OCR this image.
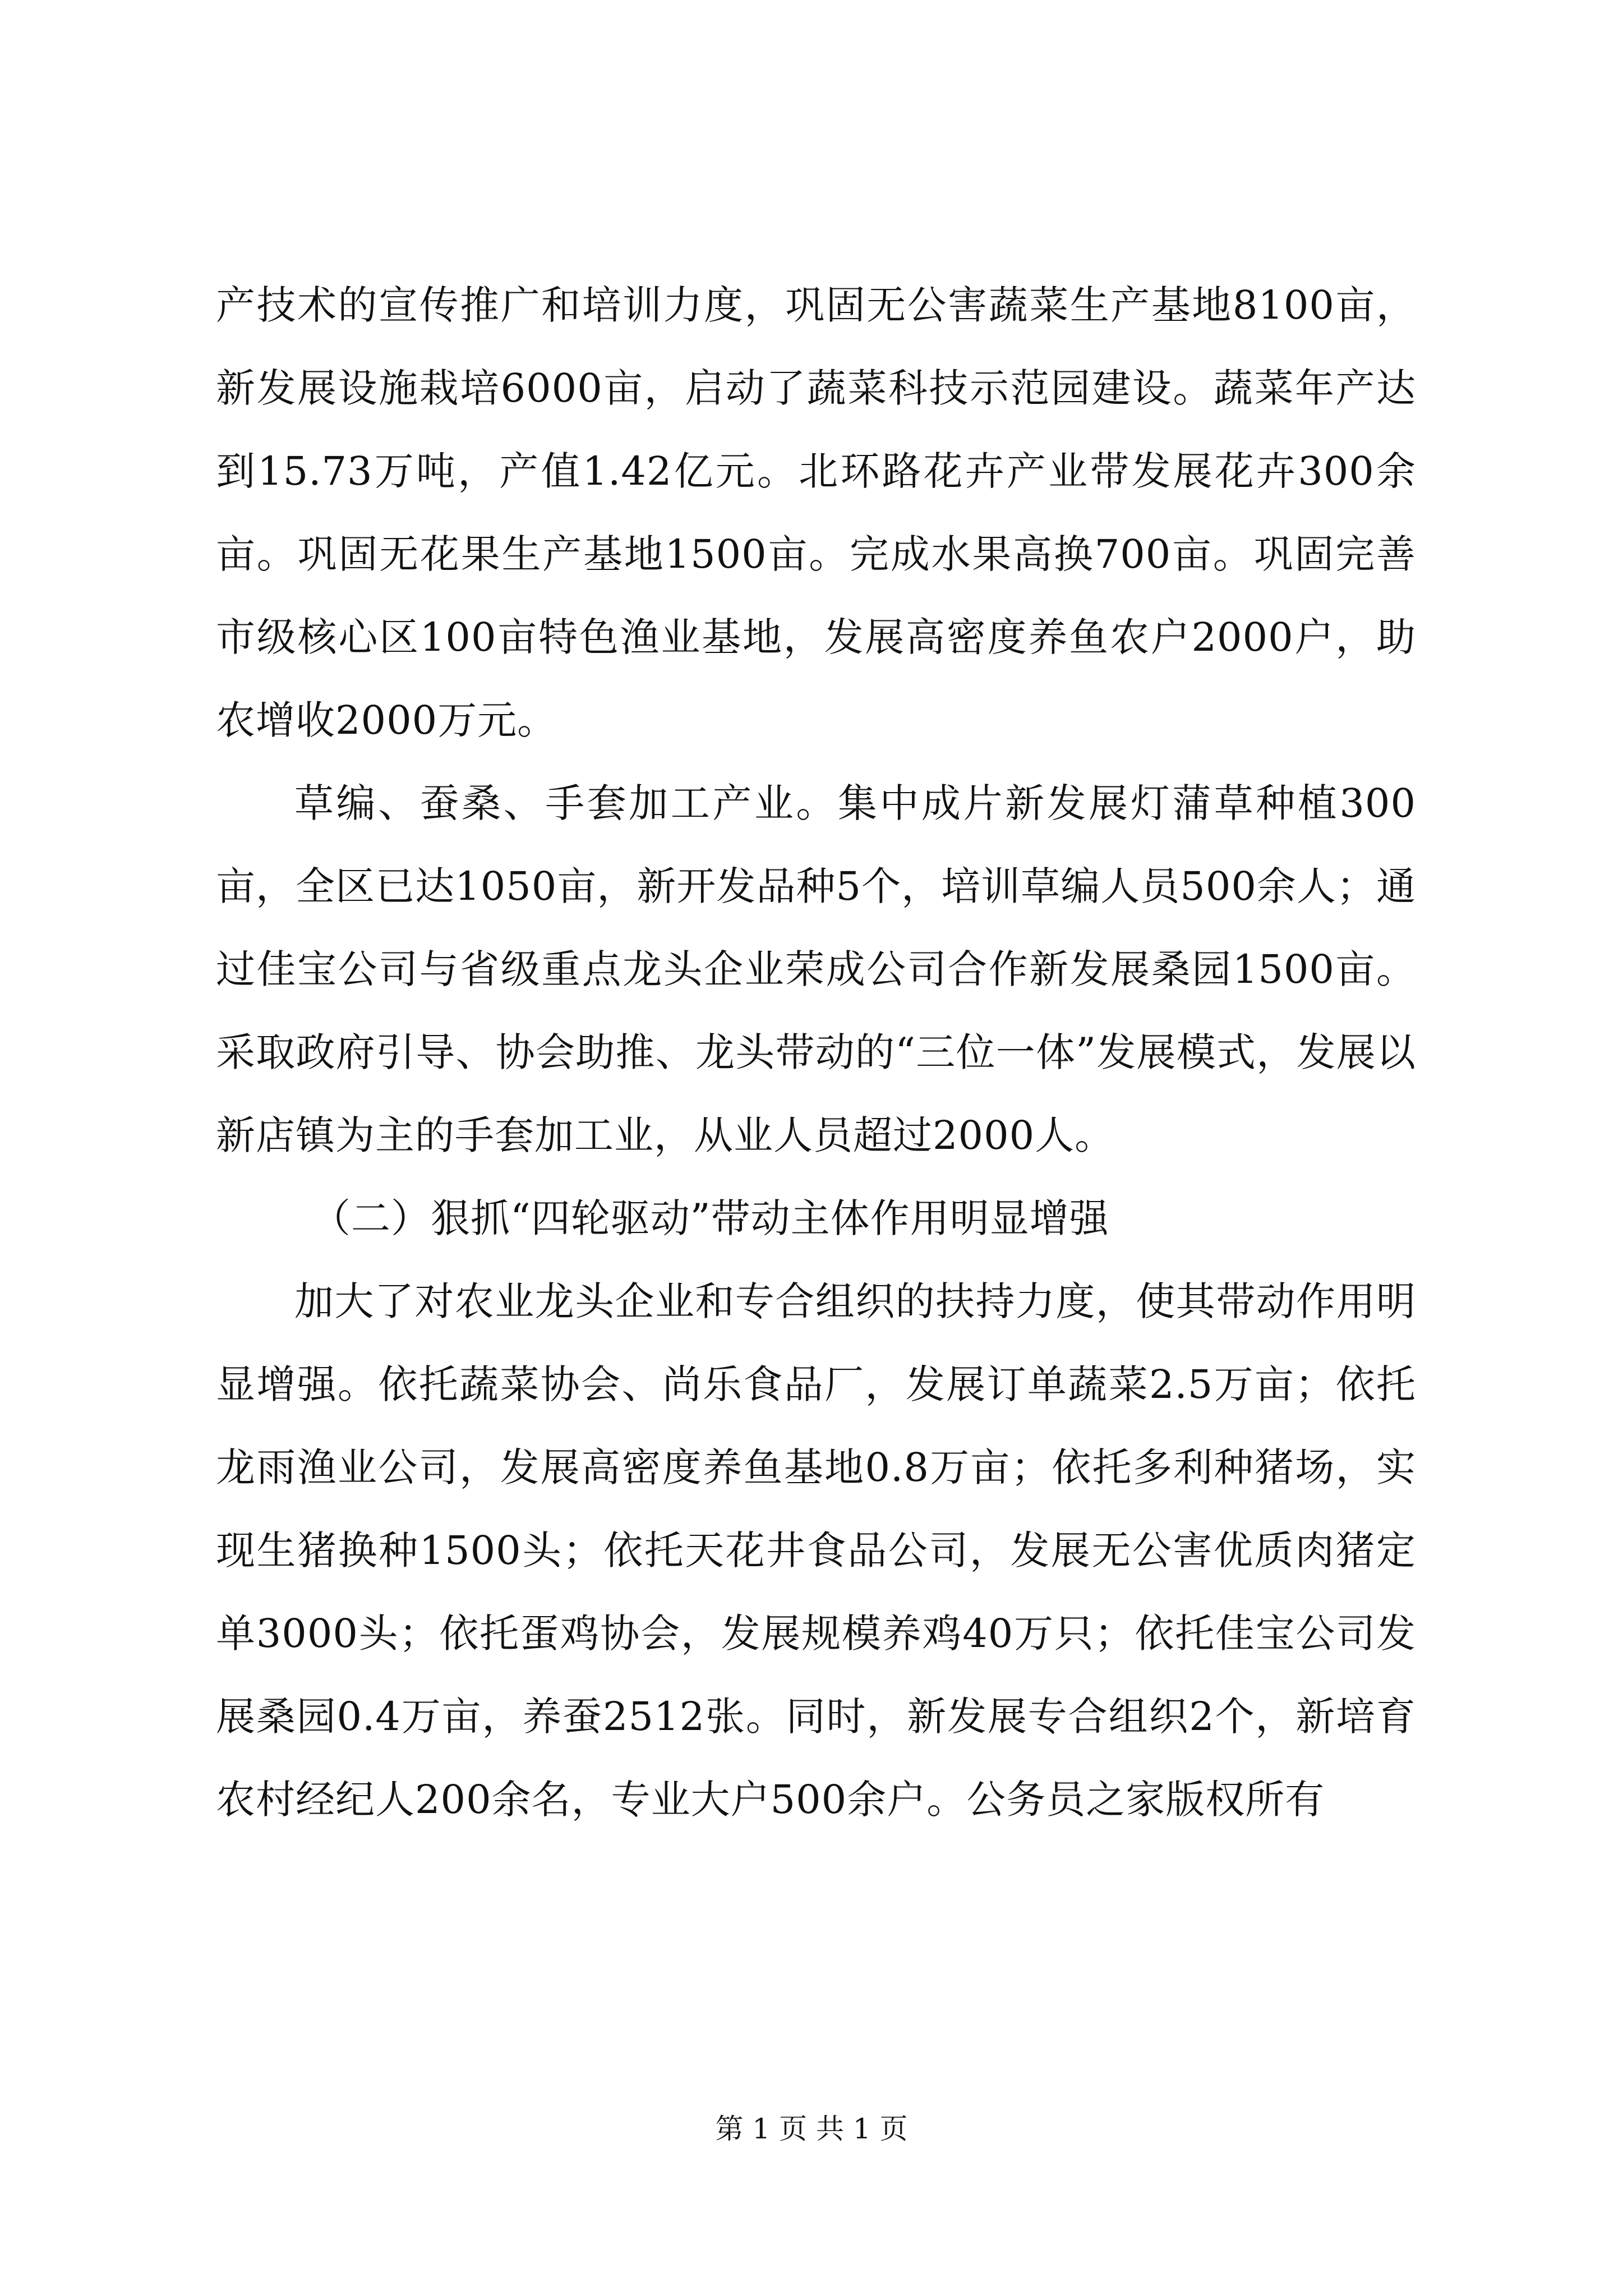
产技术的宣传推广和培训力度，巩固无公害蔬菜生产基地8100亩，新发展设施栽培6000亩，启动了蔬菜科技示范园建设。蔬菜年产达到15.73万吨，产值1.42亿元。北环路花卉产业带发展花卉300余亩。巩固无花果生产基地1500亩。完成水果高换700亩。巩固完善市级核心区100亩特色渔业基地，发展高密度养鱼农户2000户，助农增收2000万元。

草编、蚕桑、手套加工产业。集中成片新发展灯蒲草种植300亩，全区已达1050亩，新开发品种5个，培训草编人员500余人；通过佳宝公司与省级重点龙头企业荣成公司合作新发展桑园1500亩。采取政府引导、协会助推、龙头带动的“三位一体”发展模式，发展以新店镇为主的手套加工业，从业人员超过2000人。

（二）狠抓“四轮驱动”带动主体作用明显增强

加大了对农业龙头企业和专合组织的扶持力度，使其带动作用明显增强。依托蔬菜协会、尚乐食品厂，发展订单蔬菜2.5万亩；依托龙雨渔业公司，发展高密度养鱼基地0.8万亩；依托多利种猪场，实现生猪换种1500头；依托天花井食品公司，发展无公害优质肉猪定单3000头；依托蛋鸡协会，发展规模养鸡40万只；依托佳宝公司发展桑园0.4万亩，养蚕2512张。同时，新发展专合组织2个，新培育农村经纪人200余名，专业大户500余户。公务员之家版权所有

第 1 页 共 1 页
